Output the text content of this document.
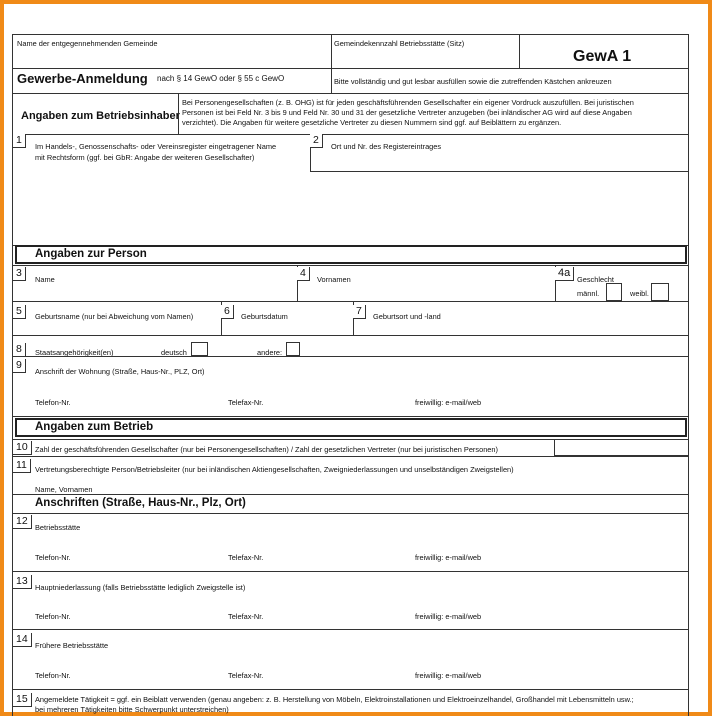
Name der entgegennehmenden Gemeinde	Gemeindekennzahl Betriebsstätte (Sitz)
GewA 1
Gewerbe-Anmeldung nach § 14 GewO oder § 55 c GewO	Bitte vollständig und gut lesbar ausfüllen sowie die zutreffenden Kästchen ankreuzen
Angaben zum Betriebsinhaber
Bei Personengesellschaften (z. B. OHG) ist für jeden geschäftsführenden Gesellschafter ein eigener Vordruck auszufüllen. Bei juristischen
Personen ist bei Feld Nr. 3 bis 9 und Feld Nr. 30 und 31 der gesetzliche Vertreter anzugeben (bei inländischer AG wird auf diese Angaben
verzichtet). Die Angaben für weitere gesetzliche Vertreter zu diesen Nummern sind ggf. auf Beiblättern zu ergänzen.
1
Im Handels-, Genossenschafts- oder Vereinsregister eingetragener Name
mit Rechtsform (ggf. bei GbR: Angabe der weiteren Gesellschafter)
2
Ort und Nr. des Registereintrages
Angaben zur Person
3
Name
4
Vornamen
4a
Geschlecht
männl.	weibl.
5	Geburtsname (nur bei Abweichung vom Namen)	6	Geburtsdatum	7	Geburtsort und -land
8	Staatsangehörigkeit(en)	deutsch	andere:
9
Anschrift der Wohnung (Straße, Haus-Nr., PLZ, Ort)
Telefon-Nr.	Telefax-Nr.	freiwillig: e-mail/web
Angaben zum Betrieb
10 Zahl der geschäftsführenden Gesellschafter (nur bei Personengesellschaften) / Zahl der gesetzlichen Vertreter (nur bei juristischen Personen)
11	Vertretungsberechtigte Person/Betriebsleiter (nur bei inländischen Aktiengesellschaften, Zweigniederlassungen und unselbständigen Zweigstellen)
Name, Vornamen
Anschriften (Straße, Haus-Nr., Plz, Ort)
12
Betriebsstätte
Telefon-Nr.	Telefax-Nr.	freiwillig: e-mail/web
13
Hauptniederlassung (falls Betriebsstätte lediglich Zweigstelle ist)
Telefon-Nr.	Telefax-Nr.	freiwillig: e-mail/web
14
Frühere Betriebsstätte
Telefon-Nr.	Telefax-Nr.	freiwillig: e-mail/web
15 Angemeldete Tätigkeit = ggf. ein Beiblatt verwenden (genau angeben: z. B. Herstellung von Möbeln, Elektroinstallationen und Elektroeinzelhandel, Großhandel mit Lebensmitteln usw.;
bei mehreren Tätigkeiten bitte Schwerpunkt unterstreichen)
